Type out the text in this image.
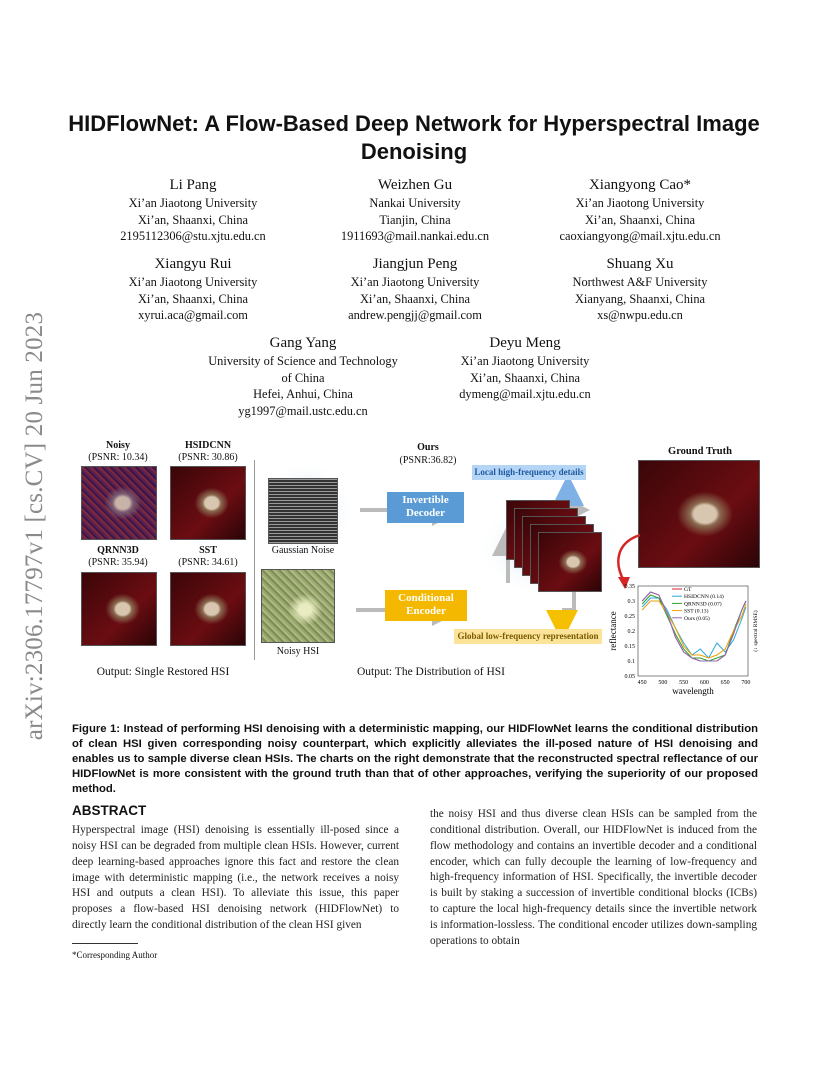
arXiv:2306.17797v1 [cs.CV] 20 Jun 2023
HIDFlowNet: A Flow-Based Deep Network for Hyperspectral Image Denoising
Li Pang
Xi’an Jiaotong University
Xi’an, Shaanxi, China
2195112306@stu.xjtu.edu.cn
Weizhen Gu
Nankai University
Tianjin, China
1911693@mail.nankai.edu.cn
Xiangyong Cao*
Xi’an Jiaotong University
Xi’an, Shaanxi, China
caoxiangyong@mail.xjtu.edu.cn
Xiangyu Rui
Xi’an Jiaotong University
Xi’an, Shaanxi, China
xyrui.aca@gmail.com
Jiangjun Peng
Xi’an Jiaotong University
Xi’an, Shaanxi, China
andrew.pengjj@gmail.com
Shuang Xu
Northwest A&F University
Xianyang, Shaanxi, China
xs@nwpu.edu.cn
Gang Yang
University of Science and Technology
of China
Hefei, Anhui, China
yg1997@mail.ustc.edu.cn
Deyu Meng
Xi’an Jiaotong University
Xi’an, Shaanxi, China
dymeng@mail.xjtu.edu.cn
Noisy
(PSNR: 10.34)
HSIDCNN
(PSNR: 30.86)
QRNN3D
(PSNR: 35.94)
SST
(PSNR: 34.61)
Output: Single Restored HSI
Gaussian Noise
Noisy HSI
Ours
(PSNR:36.82)
Invertible
Decoder
Conditional
Encoder
Local high-frequency details
Global low-frequency representation
Output: The Distribution of HSI
Ground Truth
0.35
0.3
0.25
0.2
0.15
0.1
0.05
450 500 550 600 650 700
wavelength
reflectance	(↓ spectral RMSE)
GT
HSIDCNN (0.14)
QRNN3D (0.07)
SST (0.13)
Ours (0.05)
Figure 1: Instead of performing HSI denoising with a deterministic mapping, our HIDFlowNet learns the conditional distribution of clean HSI given corresponding noisy counterpart, which explicitly alleviates the ill-posed nature of HSI denoising and enables us to sample diverse clean HSIs. The charts on the right demonstrate that the reconstructed spectral reflectance of our HIDFlowNet is more consistent with the ground truth than that of other approaches, verifying the superiority of our proposed method.
ABSTRACT
Hyperspectral image (HSI) denoising is essentially ill-posed since a noisy HSI can be degraded from multiple clean HSIs. However, current deep learning-based approaches ignore this fact and restore the clean image with deterministic mapping (i.e., the network receives a noisy HSI and outputs a clean HSI). To alleviate this issue, this paper proposes a flow-based HSI denoising network (HIDFlowNet) to directly learn the conditional distribution of the clean HSI given
the noisy HSI and thus diverse clean HSIs can be sampled from the conditional distribution. Overall, our HIDFlowNet is induced from the flow methodology and contains an invertible decoder and a conditional encoder, which can fully decouple the learning of low-frequency and high-frequency information of HSI. Specifically, the invertible decoder is built by staking a succession of invertible conditional blocks (ICBs) to capture the local high-frequency details since the invertible network is information-lossless. The conditional encoder utilizes down-sampling operations to obtain
*Corresponding Author
